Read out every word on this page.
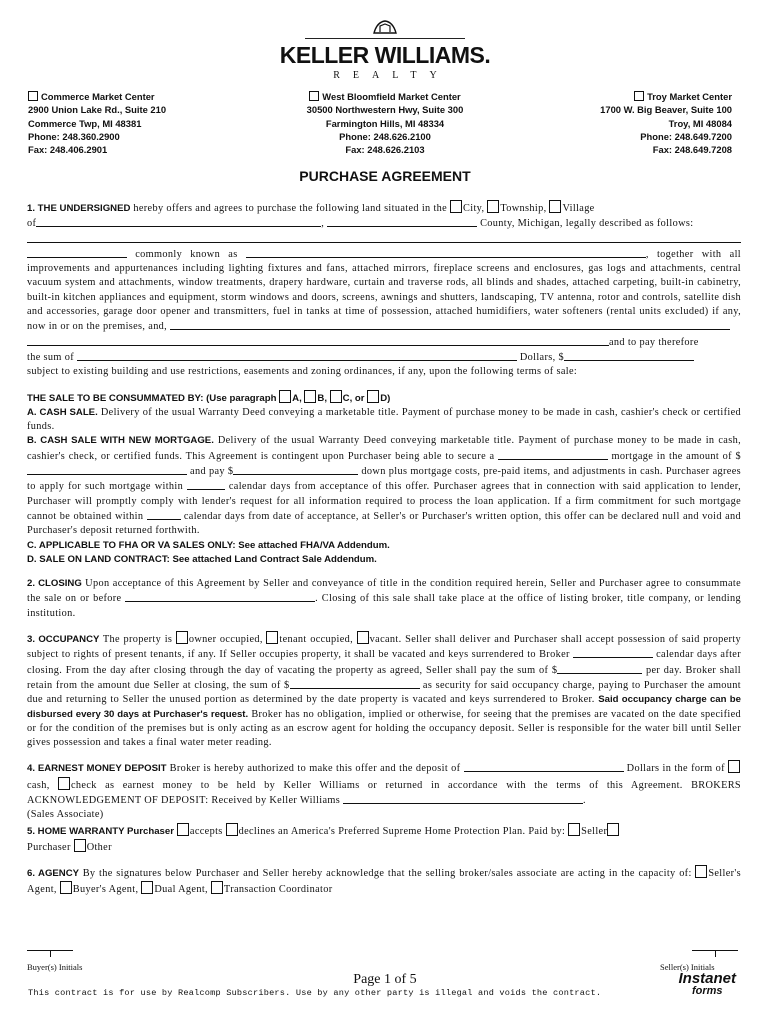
KELLER WILLIAMS.
REALTY
Commerce Market Center
2900 Union Lake Rd., Suite 210
Commerce Twp, MI 48381
Phone: 248.360.2900
Fax: 248.406.2901
West Bloomfield Market Center
30500 Northwestern Hwy, Suite 300
Farmington Hills, MI 48334
Phone: 248.626.2100
Fax: 248.626.2103
Troy Market Center
1700 W. Big Beaver, Suite 100
Troy, MI 48084
Phone: 248.649.7200
Fax: 248.649.7208
PURCHASE AGREEMENT

1. THE UNDERSIGNED hereby offers and agrees to purchase the following land situated in the City, Township, Village
of	,	County, Michigan, legally described as follows:

commonly known as	, together with all improvements and appurtenances including lighting fixtures and fans, attached mirrors, fireplace screens and enclosures, gas logs and attachments, central vacuum system and attachments, window treatments, drapery hardware, curtain and traverse rods, all blinds and shades, attached carpeting, built-in cabinetry, built-in kitchen appliances and equipment, storm windows and doors, screens, awnings and shutters, landscaping, TV antenna, rotor and controls, satellite dish and accessories, garage door opener and transmitters, fuel in tanks at time of possession, attached humidifiers, water softeners (rental units excluded) if any, now in or on the premises, and,
and to pay therefore
the sum of	Dollars, $
subject to existing building and use restrictions, easements and zoning ordinances, if any, upon the following terms of sale:

THE SALE TO BE CONSUMMATED BY: (Use paragraph A, B, C, or D)

A. CASH SALE. Delivery of the usual Warranty Deed conveying a marketable title. Payment of purchase money to be made in cash, cashier's check or certified funds.

B. CASH SALE WITH NEW MORTGAGE. Delivery of the usual Warranty Deed conveying marketable title. Payment of purchase money to be made in cash, cashier's check, or certified funds. This Agreement is contingent upon Purchaser being able to secure a	mortgage in the amount of $ and pay $	down plus mortgage costs, pre-paid items, and adjustments in cash. Purchaser agrees to apply for such mortgage within	calendar days from acceptance of this offer. Purchaser agrees that in connection with said application to lender, Purchaser will promptly comply with lender's request for all information required to process the loan application. If a firm commitment for such mortgage cannot be obtained within	calendar days from date of acceptance, at Seller's or Purchaser's written option, this offer can be declared null and void and Purchaser's deposit returned forthwith.

C. APPLICABLE TO FHA OR VA SALES ONLY: See attached FHA/VA Addendum.

D. SALE ON LAND CONTRACT: See attached Land Contract Sale Addendum.

2. CLOSING Upon acceptance of this Agreement by Seller and conveyance of title in the condition required herein, Seller and Purchaser agree to consummate the sale on or before	. Closing of this sale shall take place at the office of listing broker, title company, or lending institution.

3. OCCUPANCY The property is owner occupied, tenant occupied, vacant. Seller shall deliver and Purchaser shall accept possession of said property subject to rights of present tenants, if any. If Seller occupies property, it shall be vacated and keys surrendered to Broker	calendar days after closing. From the day after closing through the day of vacating the property as agreed, Seller shall pay the sum of $	per day. Broker shall retain from the amount due Seller at closing, the sum of $	as security for said occupancy charge, paying to Purchaser the amount due and returning to Seller the unused portion as determined by the date property is vacated and keys surrendered to Broker. Said occupancy charge can be disbursed every 30 days at Purchaser's request. Broker has no obligation, implied or otherwise, for seeing that the premises are vacated on the date specified or for the condition of the premises but is only acting as an escrow agent for holding the occupancy deposit. Seller is responsible for the water bill until Seller gives possession and takes a final water meter reading.

4. EARNEST MONEY DEPOSIT Broker is hereby authorized to make this offer and the deposit of	Dollars in the form of cash, check as earnest money to be held by Keller Williams or returned in accordance with the terms of this Agreement. BROKERS ACKNOWLEDGEMENT OF DEPOSIT: Received by Keller Williams	.

(Sales Associate)

5. HOME WARRANTY Purchaser accepts declines an America's Preferred Supreme Home Protection Plan. Paid by: Seller
Purchaser Other

6. AGENCY By the signatures below Purchaser and Seller hereby acknowledge that the selling broker/sales associate are acting in the capacity of: Seller's Agent, Buyer's Agent, Dual Agent, Transaction Coordinator

Buyer(s) Initials	Seller(s) Initials
Page 1 of 5
This contract is for use by Realcomp Subscribers. Use by any other party is illegal and voids the contract.
Instanet
forms
